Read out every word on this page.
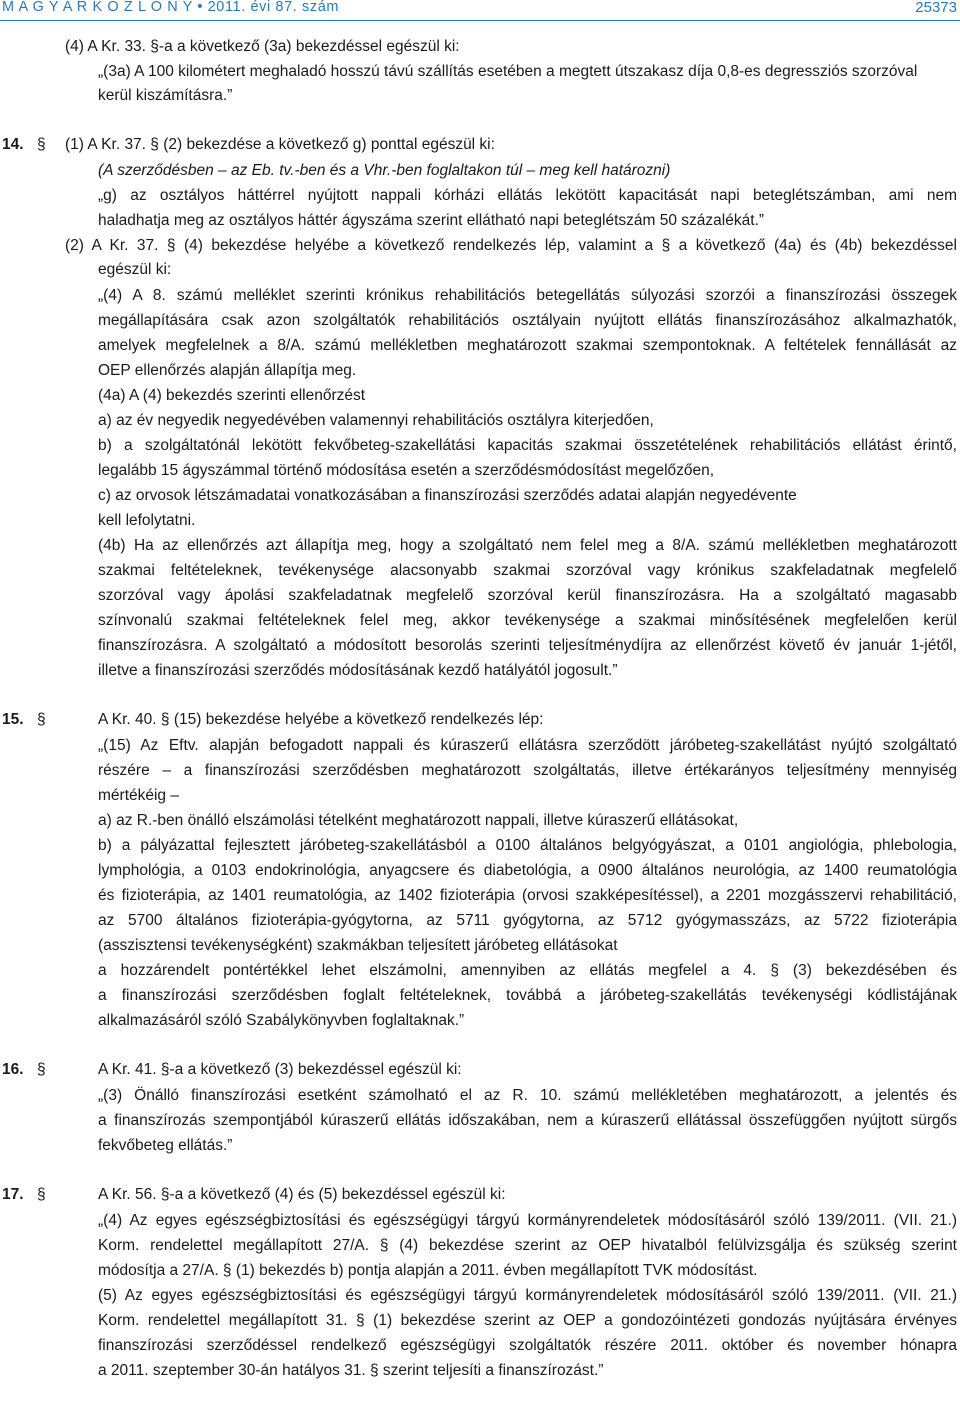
M A G Y A R K Ö Z L Ö N Y • 2011. évi 87. szám	25373
(4) A Kr. 33. §-a a következő (3a) bekezdéssel egészül ki:
„(3a) A 100 kilométert meghaladó hosszú távú szállítás esetében a megtett útszakasz díja 0,8-es degressziós szorzóval
kerül kiszámításra.”
14. § (1) A Kr. 37. § (2) bekezdése a következő g) ponttal egészül ki:
(A szerződésben – az Eb. tv.-ben és a Vhr.-ben foglaltakon túl – meg kell határozni)
„g) az osztályos háttérrel nyújtott nappali kórházi ellátás lekötött kapacitását napi beteglétszámban, ami nem
haladhatja meg az osztályos háttér ágyszáma szerint ellátható napi beteglétszám 50 százalékát.”
(2) A Kr. 37. § (4) bekezdése helyébe a következő rendelkezés lép, valamint a § a következő (4a) és (4b) bekezdéssel
egészül ki:
„(4) A 8. számú melléklet szerinti krónikus rehabilitációs betegellátás súlyozási szorzói a finanszírozási összegek
megállapítására csak azon szolgáltatók rehabilitációs osztályain nyújtott ellátás finanszírozásához alkalmazhatók,
amelyek megfelelnek a 8/A. számú mellékletben meghatározott szakmai szempontoknak. A feltételek fennállását az
OEP ellenőrzés alapján állapítja meg.
(4a) A (4) bekezdés szerinti ellenőrzést
a) az év negyedik negyedévében valamennyi rehabilitációs osztályra kiterjedően,
b) a szolgáltatónál lekötött fekvőbeteg-szakellátási kapacitás szakmai összetételének rehabilitációs ellátást érintő,
legalább 15 ágyszámmal történő módosítása esetén a szerződésmódosítást megelőzően,
c) az orvosok létszámadatai vonatkozásában a finanszírozási szerződés adatai alapján negyedévente
kell lefolytatni.
(4b) Ha az ellenőrzés azt állapítja meg, hogy a szolgáltató nem felel meg a 8/A. számú mellékletben meghatározott
szakmai feltételeknek, tevékenysége alacsonyabb szakmai szorzóval vagy krónikus szakfeladatnak megfelelő
szorzóval vagy ápolási szakfeladatnak megfelelő szorzóval kerül finanszírozásra. Ha a szolgáltató magasabb
színvonalú szakmai feltételeknek felel meg, akkor tevékenysége a szakmai minősítésének megfelelően kerül
finanszírozásra. A szolgáltató a módosított besorolás szerinti teljesítménydíjra az ellenőrzést követő év január 1-jétől,
illetve a finanszírozási szerződés módosításának kezdő hatályától jogosult.”
15. §	A Kr. 40. § (15) bekezdése helyébe a következő rendelkezés lép:
„(15) Az Eftv. alapján befogadott nappali és kúraszerű ellátásra szerződött járóbeteg-szakellátást nyújtó szolgáltató
részére – a finanszírozási szerződésben meghatározott szolgáltatás, illetve értékarányos teljesítmény mennyiség
mértékéig –
a) az R.-ben önálló elszámolási tételként meghatározott nappali, illetve kúraszerű ellátásokat,
b) a pályázattal fejlesztett járóbeteg-szakellátásból a 0100 általános belgyógyászat, a 0101 angiológia, phlebologia,
lymphológia, a 0103 endokrinológia, anyagcsere és diabetológia, a 0900 általános neurológia, az 1400 reumatológia
és fizioterápia, az 1401 reumatológia, az 1402 fizioterápia (orvosi szakképesítéssel), a 2201 mozgásszervi rehabilitáció,
az 5700 általános fizioterápia-gyógytorna, az 5711 gyógytorna, az 5712 gyógymasszázs, az 5722 fizioterápia
(asszisztensi tevékenységként) szakmákban teljesített járóbeteg ellátásokat
a hozzárendelt pontértékkel lehet elszámolni, amennyiben az ellátás megfelel a 4. § (3) bekezdésében és
a finanszírozási szerződésben foglalt feltételeknek, továbbá a járóbeteg-szakellátás tevékenységi kódlistájának
alkalmazásáról szóló Szabálykönyvben foglaltaknak.”
16. §	A Kr. 41. §-a a következő (3) bekezdéssel egészül ki:
„(3) Önálló finanszírozási esetként számolható el az R. 10. számú mellékletében meghatározott, a jelentés és
a finanszírozás szempontjából kúraszerű ellátás időszakában, nem a kúraszerű ellátással összefüggően nyújtott sürgős
fekvőbeteg ellátás.”
17. §	A Kr. 56. §-a a következő (4) és (5) bekezdéssel egészül ki:
„(4) Az egyes egészségbiztosítási és egészségügyi tárgyú kormányrendeletek módosításáról szóló 139/2011. (VII. 21.)
Korm. rendelettel megállapított 27/A. § (4) bekezdése szerint az OEP hivatalból felülvizsgálja és szükség szerint
módosítja a 27/A. § (1) bekezdés b) pontja alapján a 2011. évben megállapított TVK módosítást.
(5) Az egyes egészségbiztosítási és egészségügyi tárgyú kormányrendeletek módosításáról szóló 139/2011. (VII. 21.)
Korm. rendelettel megállapított 31. § (1) bekezdése szerint az OEP a gondozóintézeti gondozás nyújtására érvényes
finanszírozási szerződéssel rendelkező egészségügyi szolgáltatók részére 2011. október és november hónapra
a 2011. szeptember 30-án hatályos 31. § szerint teljesíti a finanszírozást.”
